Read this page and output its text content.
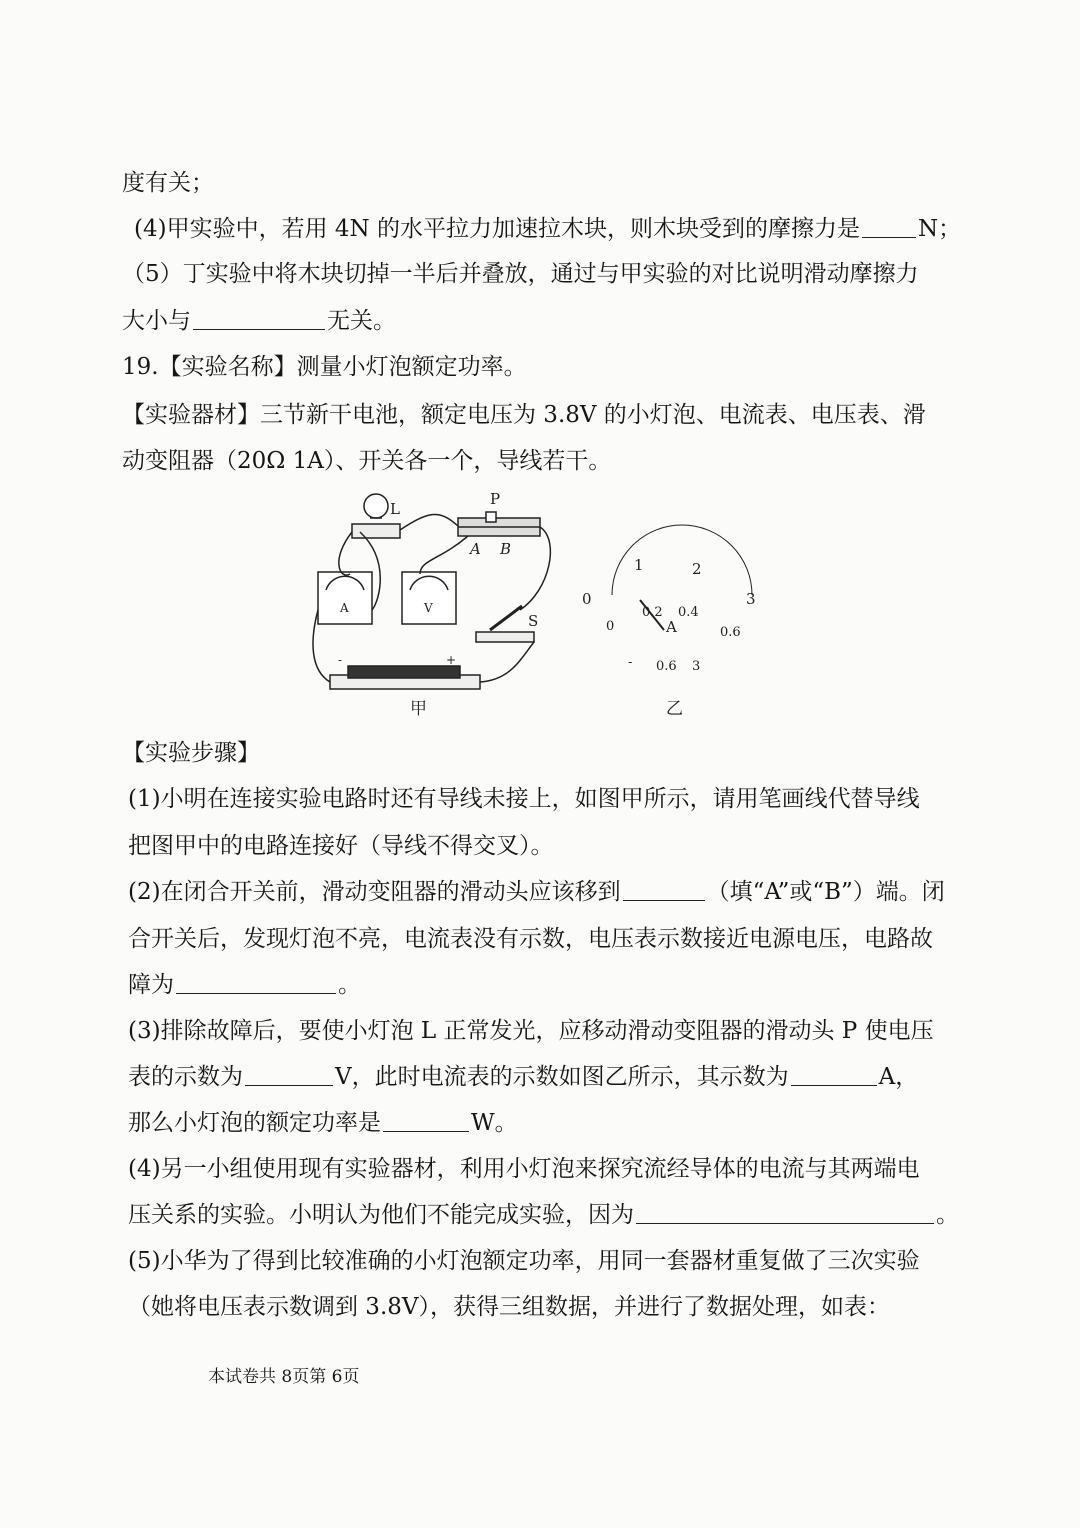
度有关；
(4)甲实验中，若用 4N 的水平拉力加速拉木块，则木块受到的摩擦力是	N；
（5）丁实验中将木块切掉一半后并叠放，通过与甲实验的对比说明滑动摩擦力
大小与	无关。
19.【实验名称】测量小灯泡额定功率。
【实验器材】三节新干电池，额定电压为 3.8V 的小灯泡、电流表、电压表、滑
动变阻器（20Ω 1A）、开关各一个，导线若干。
L
P
A B
S
A	V
+
-
甲
0
1	2
3
0
0.2 0.4
0.6
A
- 0.6 3
乙
【实验步骤】
(1)小明在连接实验电路时还有导线未接上，如图甲所示，请用笔画线代替导线
把图甲中的电路连接好（导线不得交叉）。
(2)在闭合开关前，滑动变阻器的滑动头应该移到	（填“A”或“B”）端。闭
合开关后，发现灯泡不亮，电流表没有示数，电压表示数接近电源电压，电路故
障为	。
(3)排除故障后，要使小灯泡 L 正常发光，应移动滑动变阻器的滑动头 P 使电压
表的示数为	V，此时电流表的示数如图乙所示，其示数为	A，
那么小灯泡的额定功率是	W。
(4)另一小组使用现有实验器材，利用小灯泡来探究流经导体的电流与其两端电
压关系的实验。小明认为他们不能完成实验，因为	。
(5)小华为了得到比较准确的小灯泡额定功率，用同一套器材重复做了三次实验
（她将电压表示数调到 3.8V），获得三组数据，并进行了数据处理，如表：
本试卷共 8页第 6页
